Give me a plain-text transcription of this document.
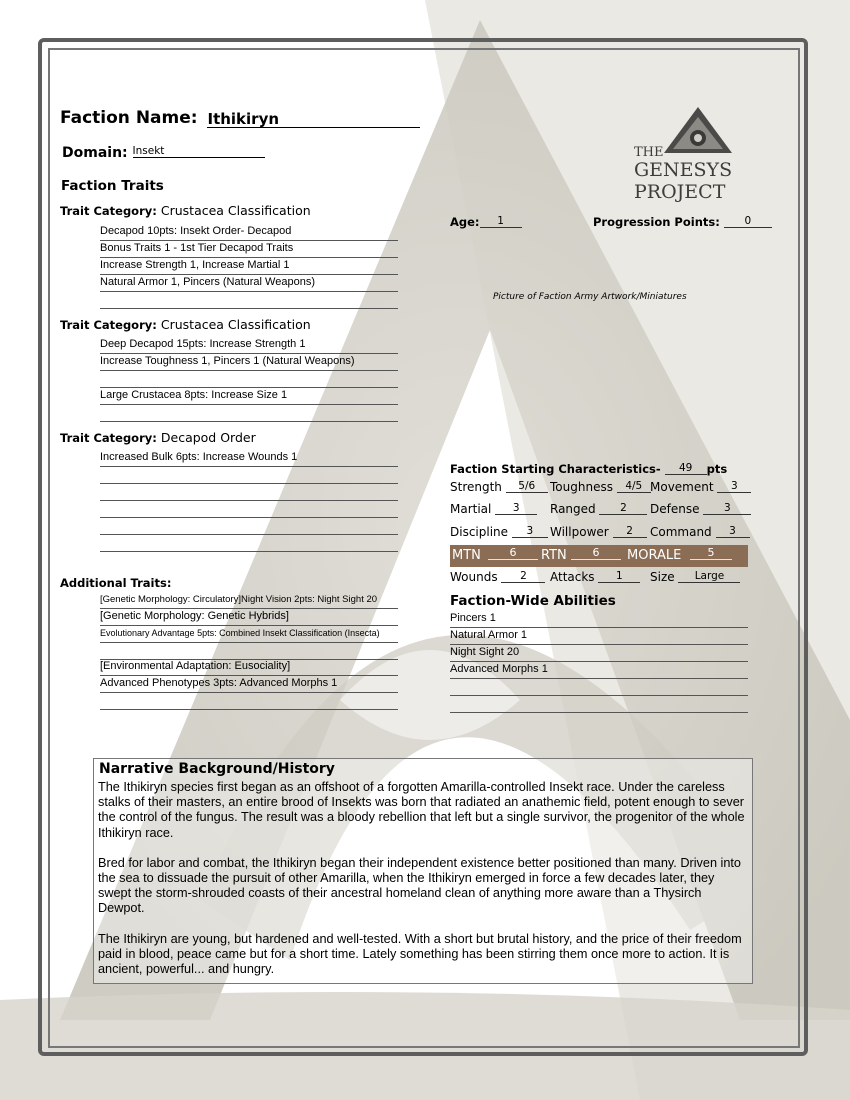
Faction Name: Ithikiryn
Domain: Insekt
Faction Traits
THE
GENESYS
PROJECT
Age: 1	Progression Points: 0
Picture of Faction Army Artwork/Miniatures
Trait Category: Crustacea Classification
Decapod 10pts: Insekt Order- Decapod
Bonus Traits 1 - 1st Tier Decapod Traits
Increase Strength 1, Increase Martial 1
Natural Armor 1, Pincers (Natural Weapons)
Trait Category: Crustacea Classification
Deep Decapod 15pts: Increase Strength 1
Increase Toughness 1, Pincers 1 (Natural Weapons)
Large Crustacea 8pts: Increase Size 1
Trait Category: Decapod Order
Increased Bulk 6pts: Increase Wounds 1
Additional Traits:
[Genetic Morphology: Circulatory]Night Vision 2pts: Night Sight 20
[Genetic Morphology: Genetic Hybrids]
Evolutionary Advantage 5pts: Combined Insekt Classification (Insecta)
[Environmental Adaptation: Eusociality]
Advanced Phenotypes 3pts: Advanced Morphs 1
Faction Starting Characteristics- 49 pts
Strength 5/6	Toughness 4/5 Movement 3
Martial 3	Ranged 2	Defense 3
Discipline 3	Willpower 2	Command 3
MTN	6	RTN	6	MORALE	5
Wounds 2	Attacks 1	Size Large
Faction-Wide Abilities
Pincers 1
Natural Armor 1
Night Sight 20
Advanced Morphs 1
Narrative Background/History

The Ithikiryn species first began as an offshoot of a forgotten Amarilla-controlled Insekt race. Under the careless stalks of their masters, an entire brood of Insekts was born that radiated an anathemic field, potent enough to sever the control of the fungus. The result was a bloody rebellion that left but a single survivor, the progenitor of the whole Ithikiryn race.

Bred for labor and combat, the Ithikiryn began their independent existence better positioned than many. Driven into the sea to dissuade the pursuit of other Amarilla, when the Ithikiryn emerged in force a few decades later, they swept the storm-shrouded coasts of their ancestral homeland clean of anything more aware than a Thysirch Dewpot.

The Ithikiryn are young, but hardened and well-tested. With a short but brutal history, and the price of their freedom paid in blood, peace came but for a short time. Lately something has been stirring them once more to action. It is ancient, powerful... and hungry.
